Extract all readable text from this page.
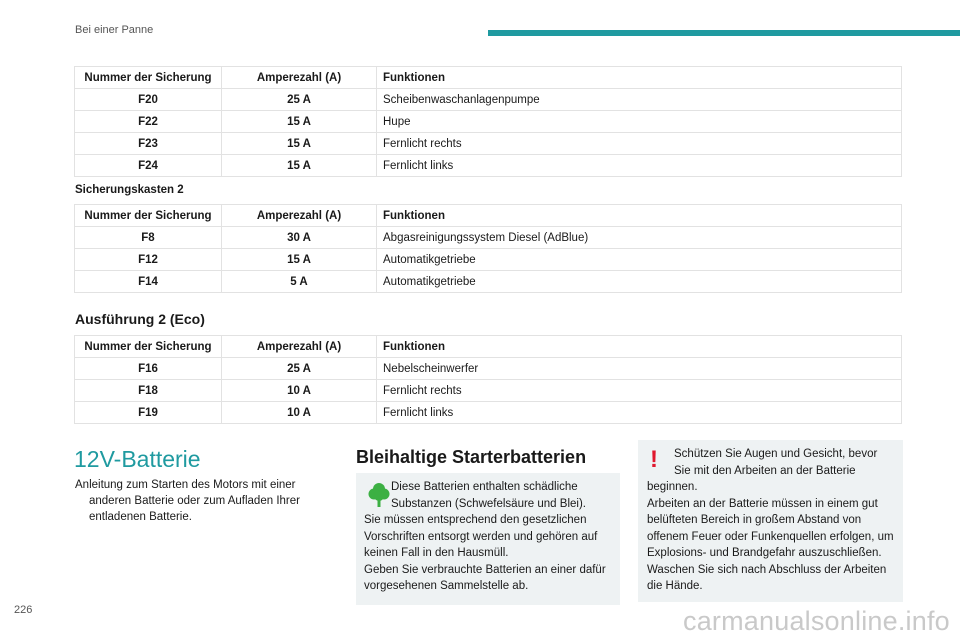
Bei einer Panne
Nummer der Sicherung	Amperezahl (A)	Funktionen
F20	25 A	Scheibenwaschanlagenpumpe
F22	15 A	Hupe
F23	15 A	Fernlicht rechts
F24	15 A	Fernlicht links
Sicherungskasten 2
Nummer der Sicherung	Amperezahl (A)	Funktionen
F8	30 A	Abgasreinigungssystem Diesel (AdBlue)
F12	15 A	Automatikgetriebe
F14	5 A	Automatikgetriebe
Ausführung 2 (Eco)
Nummer der Sicherung	Amperezahl (A)	Funktionen
F16	25 A	Nebelscheinwerfer
F18	10 A	Fernlicht rechts
F19	10 A	Fernlicht links
12V-Batterie
Anleitung zum Starten des Motors mit einer
anderen Batterie oder zum Aufladen Ihrer
entladenen Batterie.
Bleihaltige Starterbatterien
Diese Batterien enthalten schädliche
Substanzen (Schwefelsäure und Blei).
Sie müssen entsprechend den gesetzlichen
Vorschriften entsorgt werden und gehören auf
keinen Fall in den Hausmüll.
Geben Sie verbrauchte Batterien an einer dafür
vorgesehenen Sammelstelle ab.
Schützen Sie Augen und Gesicht, bevor
Sie mit den Arbeiten an der Batterie
beginnen.
Arbeiten an der Batterie müssen in einem gut
belüfteten Bereich in großem Abstand von
offenem Feuer oder Funkenquellen erfolgen, um
Explosions- und Brandgefahr auszuschließen.
Waschen Sie sich nach Abschluss der Arbeiten
die Hände.
!
226	carmanualsonline.info
